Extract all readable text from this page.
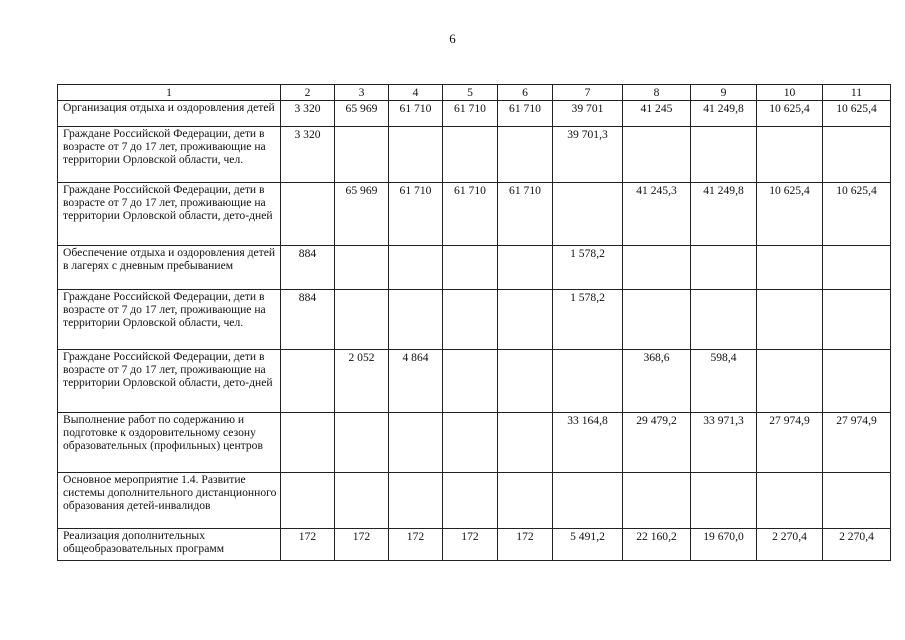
6
1	2	3	4	5	6	7	8	9	10	11
Организация отдыха и оздоровления детей	3 320	65 969	61 710	61 710	61 710	39 701	41 245	41 249,8	10 625,4	10 625,4
Граждане Российской Федерации, дети в возрасте от 7 до 17 лет, проживающие на территории Орловской области, чел.	3 320					39 701,3				
Граждане Российской Федерации, дети в возрасте от 7 до 17 лет, проживающие на территории Орловской области, дето-дней		65 969	61 710	61 710	61 710		41 245,3	41 249,8	10 625,4	10 625,4
Обеспечение отдыха и оздоровления детей в лагерях с дневным пребыванием	884					1 578,2				
Граждане Российской Федерации, дети в возрасте от 7 до 17 лет, проживающие на территории Орловской области, чел.	884					1 578,2				
Граждане Российской Федерации, дети в возрасте от 7 до 17 лет, проживающие на территории Орловской области, дето-дней		2 052	4 864				368,6	598,4		
Выполнение работ по содержанию и подготовке к оздоровительному сезону образовательных (профильных) центров						33 164,8	29 479,2	33 971,3	27 974,9	27 974,9
Основное мероприятие 1.4. Развитие системы дополнительного дистанционного образования детей-инвалидов										
Реализация дополнительных общеобразовательных программ	172	172	172	172	172	5 491,2	22 160,2	19 670,0	2 270,4	2 270,4
